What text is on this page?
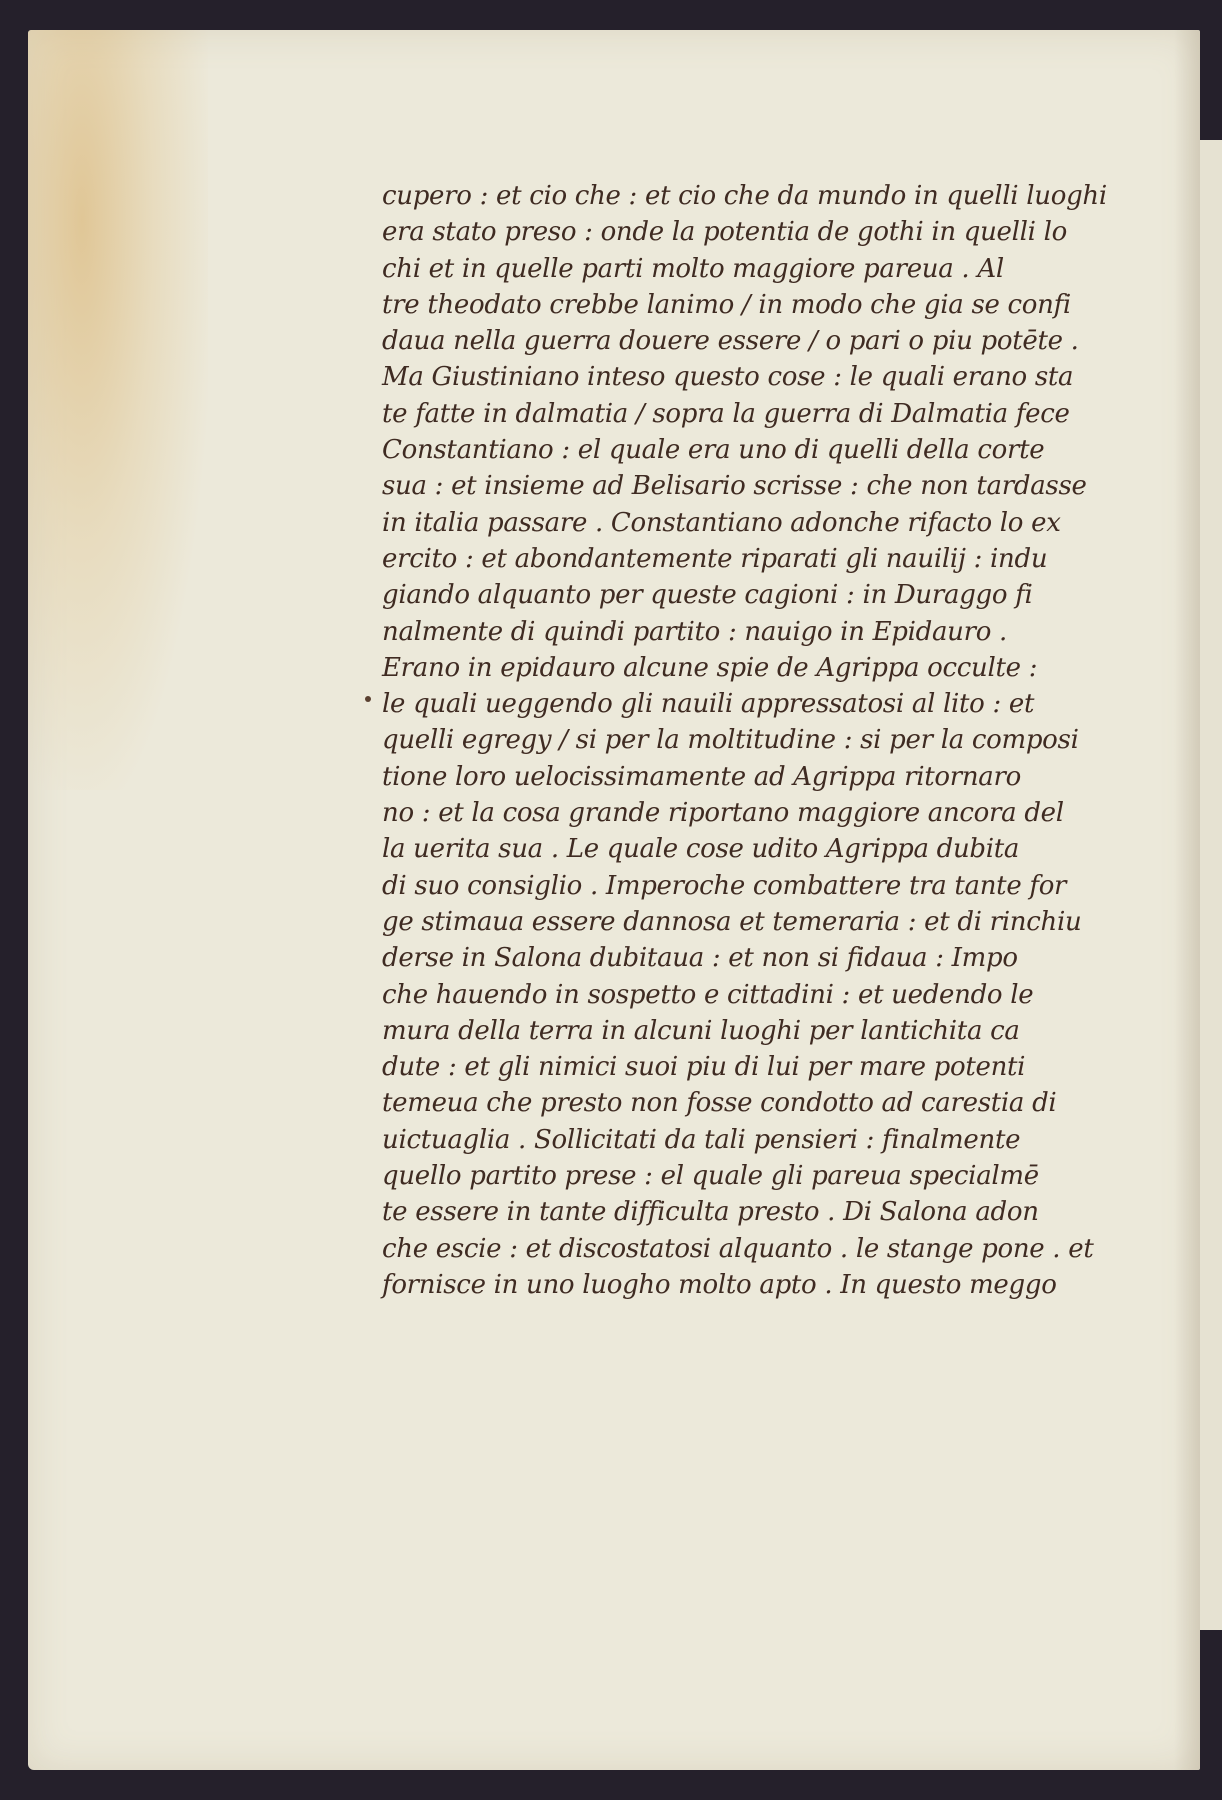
cupero : et cio che : et cio che da mundo in quelli luoghi
era stato preso : onde la potentia de gothi in quelli lo
chi et in quelle parti molto maggiore pareua . Al
tre theodato crebbe lanimo / in modo che gia se confi
daua nella guerra douere essere / o pari o piu potēte .
Ma Giustiniano inteso questo cose : le quali erano sta
te fatte in dalmatia / sopra la guerra di Dalmatia fece
Constantiano : el quale era uno di quelli della corte
sua : et insieme ad Belisario scrisse : che non tardasse
in italia passare . Constantiano adonche rifacto lo ex
ercito : et abondantemente riparati gli nauilij : indu
giando alquanto per queste cagioni : in Duraggo fi
nalmente di quindi partito : nauigo in Epidauro .
Erano in epidauro alcune spie de Agrippa occulte :
le quali ueggendo gli nauili appressatosi al lito : et
quelli egregy / si per la moltitudine : si per la composi
tione loro uelocissimamente ad Agrippa ritornaro
no : et la cosa grande riportano maggiore ancora del
la uerita sua . Le quale cose udito Agrippa dubita
di suo consiglio . Imperoche combattere tra tante for
ge stimaua essere dannosa et temeraria : et di rinchiu
derse in Salona dubitaua : et non si fidaua : Impo
che hauendo in sospetto e cittadini : et uedendo le
mura della terra in alcuni luoghi per lantichita ca
dute : et gli nimici suoi piu di lui per mare potenti
temeua che presto non fosse condotto ad carestia di
uictuaglia . Sollicitati da tali pensieri : finalmente
quello partito prese : el quale gli pareua specialmē
te essere in tante difficulta presto . Di Salona adon
che escie : et discostatosi alquanto . le stange pone . et
fornisce in uno luogho molto apto . In questo meggo
